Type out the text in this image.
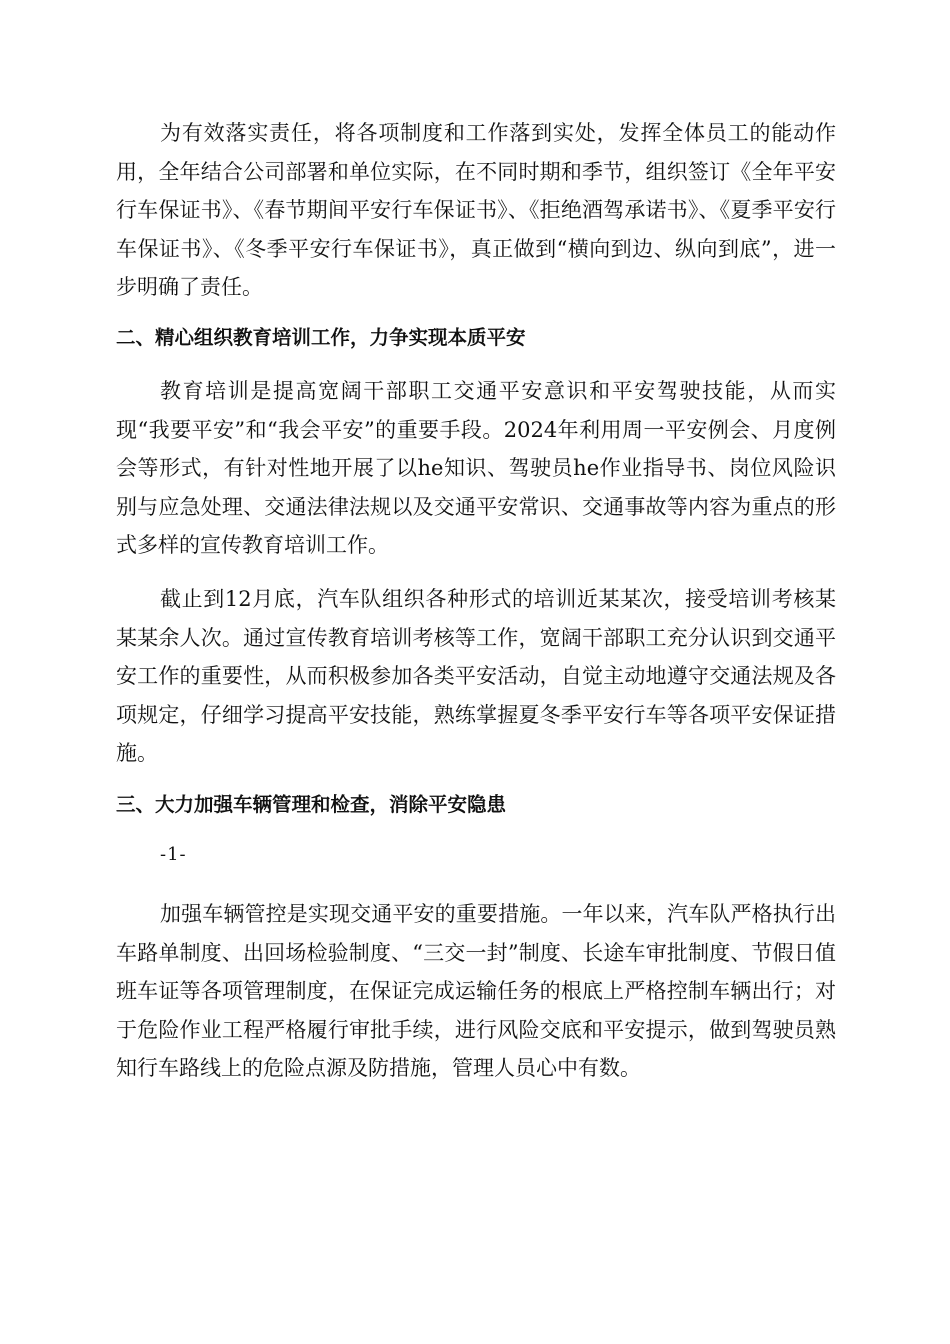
为有效落实责任，将各项制度和工作落到实处，发挥全体员工的能动作用，全年结合公司部署和单位实际，在不同时期和季节，组织签订《全年平安行车保证书》、《春节期间平安行车保证书》、《拒绝酒驾承诺书》、《夏季平安行车保证书》、《冬季平安行车保证书》，真正做到“横向到边、纵向到底”，进一步明确了责任。

二、精心组织教育培训工作，力争实现本质平安

教育培训是提高宽阔干部职工交通平安意识和平安驾驶技能，从而实现“我要平安”和“我会平安”的重要手段。2024年利用周一平安例会、月度例会等形式，有针对性地开展了以he知识、驾驶员he作业指导书、岗位风险识别与应急处理、交通法律法规以及交通平安常识、交通事故等内容为重点的形式多样的宣传教育培训工作。

截止到12月底，汽车队组织各种形式的培训近某某次，接受培训考核某某某余人次。通过宣传教育培训考核等工作，宽阔干部职工充分认识到交通平安工作的重要性，从而积极参加各类平安活动，自觉主动地遵守交通法规及各项规定，仔细学习提高平安技能，熟练掌握夏冬季平安行车等各项平安保证措施。

三、大力加强车辆管理和检查，消除平安隐患

-1-

加强车辆管控是实现交通平安的重要措施。一年以来，汽车队严格执行出车路单制度、出回场检验制度、“三交一封”制度、长途车审批制度、节假日值班车证等各项管理制度，在保证完成运输任务的根底上严格控制车辆出行；对于危险作业工程严格履行审批手续，进行风险交底和平安提示，做到驾驶员熟知行车路线上的危险点源及防措施，管理人员心中有数。
